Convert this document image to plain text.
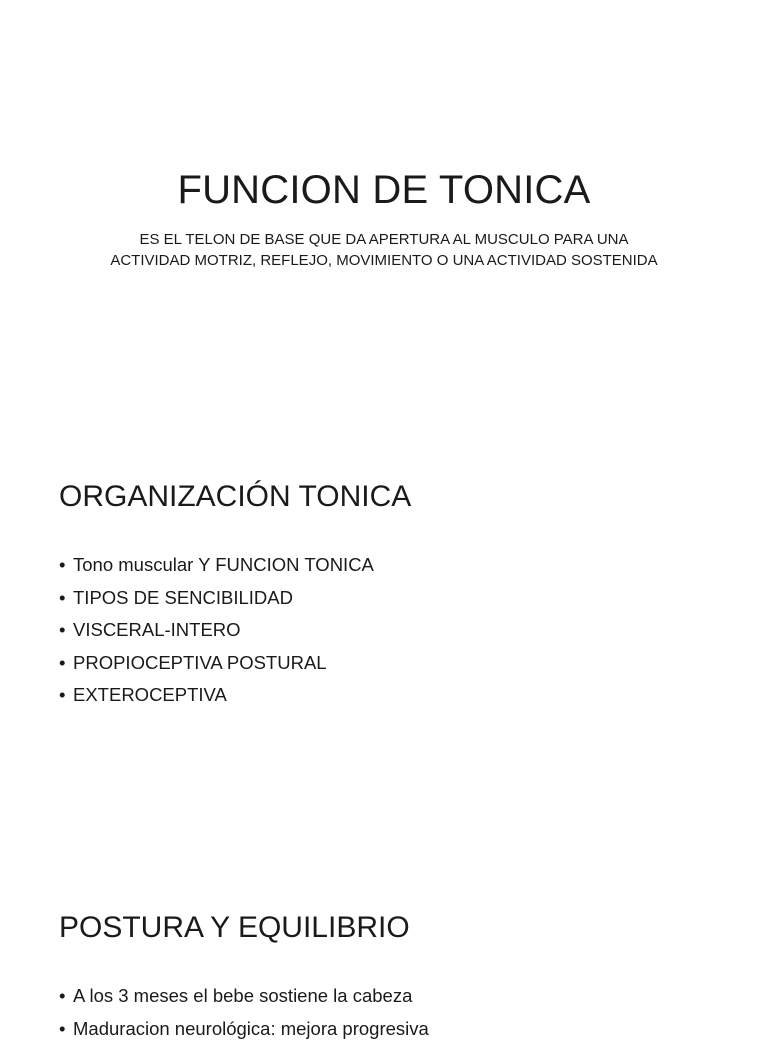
FUNCION DE TONICA
ES EL TELON DE BASE QUE DA APERTURA AL MUSCULO PARA UNA ACTIVIDAD MOTRIZ, REFLEJO, MOVIMIENTO O UNA ACTIVIDAD SOSTENIDA
ORGANIZACIÓN TONICA
• Tono muscular Y FUNCION TONICA
• TIPOS DE SENCIBILIDAD
• VISCERAL-INTERO
• PROPIOCEPTIVA POSTURAL
• EXTEROCEPTIVA
POSTURA Y EQUILIBRIO
• A los 3 meses el bebe sostiene la cabeza
• Maduracion neurológica: mejora progresiva
